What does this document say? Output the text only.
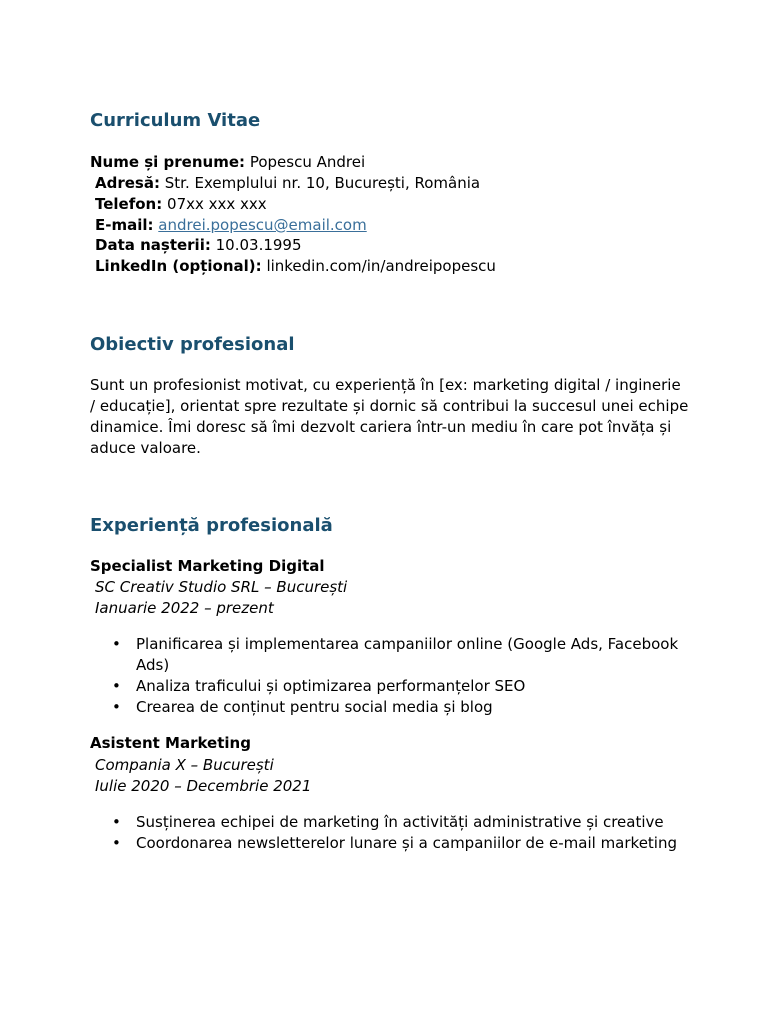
Curriculum Vitae
Nume și prenume: Popescu Andrei
Adresă: Str. Exemplului nr. 10, București, România
Telefon: 07xx xxx xxx
E-mail: andrei.popescu@email.com
Data nașterii: 10.03.1995
LinkedIn (opțional): linkedin.com/in/andreipopescu
Obiectiv profesional

Sunt un profesionist motivat, cu experiență în [ex: marketing digital / inginerie / educație], orientat spre rezultate și dornic să contribui la succesul unei echipe dinamice. Îmi doresc să îmi dezvolt cariera într-un mediu în care pot învăța și aduce valoare.

Experiență profesională
Specialist Marketing Digital
SC Creativ Studio SRL – București
Ianuarie 2022 – prezent
• Planificarea și implementarea campaniilor online (Google Ads, Facebook Ads)
• Analiza traficului și optimizarea performanțelor SEO
• Crearea de conținut pentru social media și blog
Asistent Marketing
Compania X – București
Iulie 2020 – Decembrie 2021
• Susținerea echipei de marketing în activități administrative și creative
• Coordonarea newsletterelor lunare și a campaniilor de e-mail marketing
